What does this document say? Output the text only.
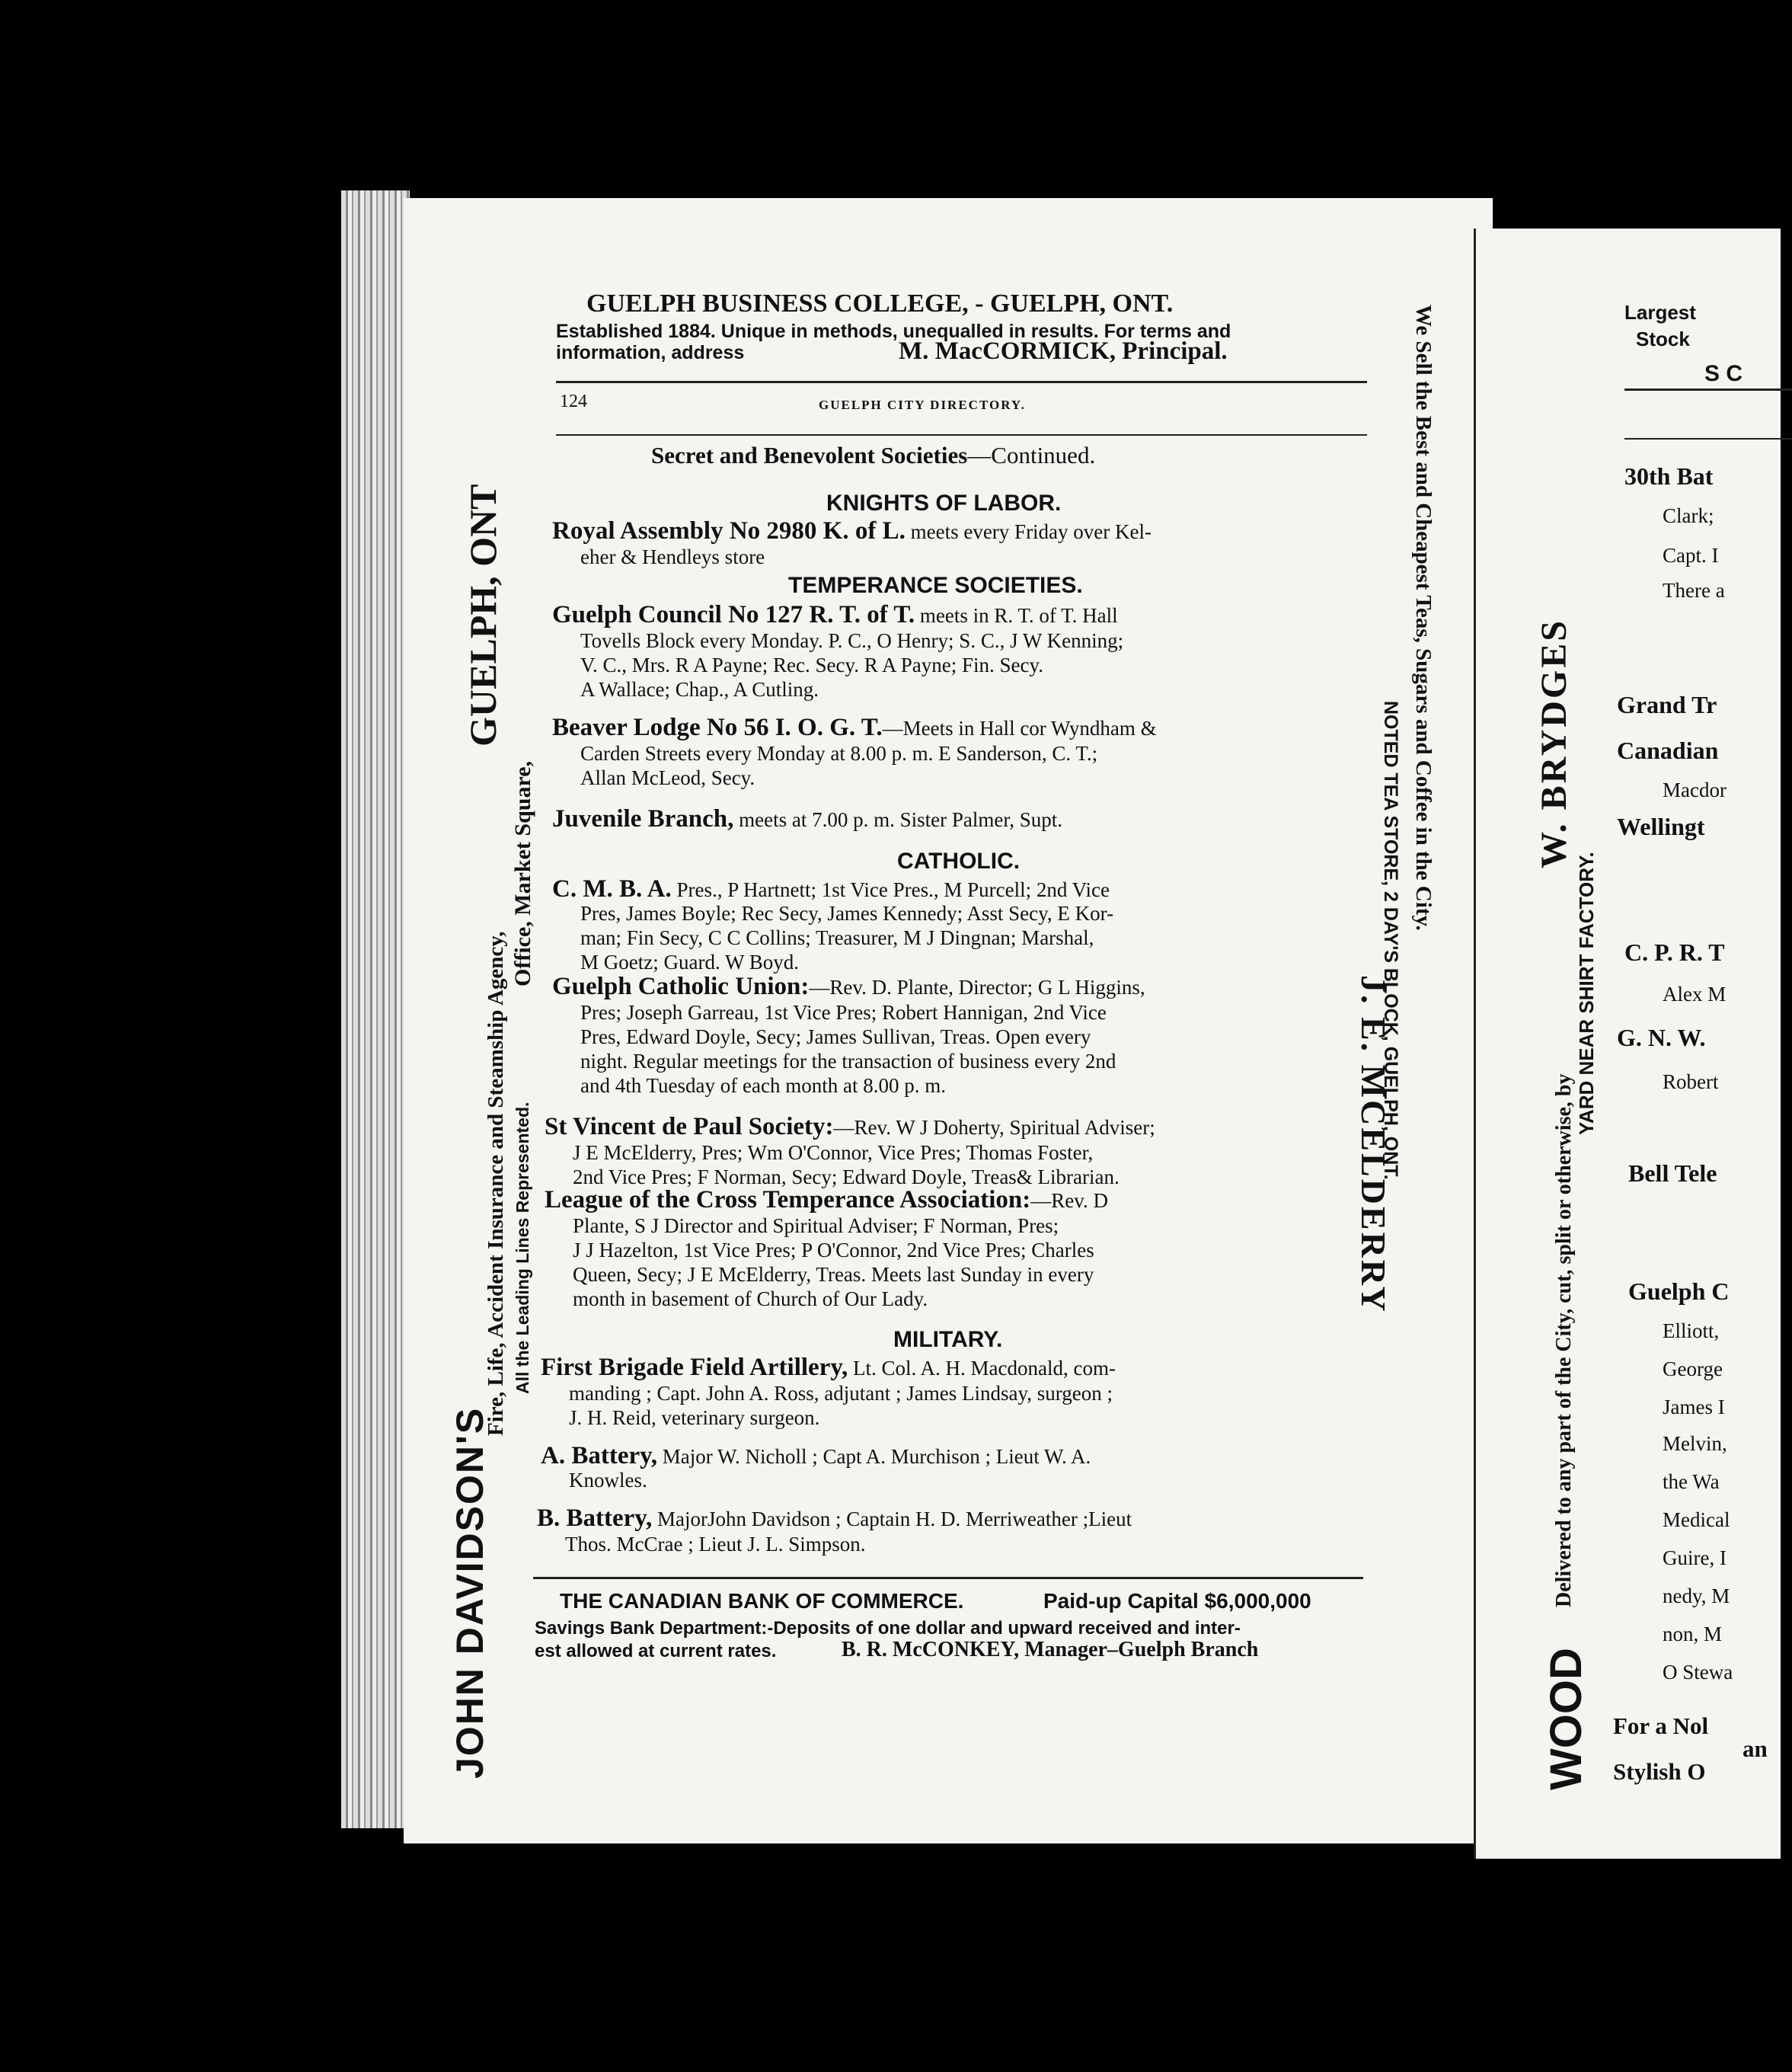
JOHN DAVIDSON'S
Fire, Life, Accident Insurance and Steamship Agency, All the Leading Lines Represented.
Office, Market Square,
GUELPH, ONT
GUELPH BUSINESS COLLEGE, - GUELPH, ONT.
Established 1884. Unique in methods, unequalled in results. For terms and
information, address	M. MacCORMICK, Principal.
124	GUELPH CITY DIRECTORY.
Secret and Benevolent Societies—Continued.
KNIGHTS OF LABOR.
Royal Assembly No 2980 K. of L. meets every Friday over Kel-
eher & Hendleys store
TEMPERANCE SOCIETIES.
Guelph Council No 127 R. T. of T. meets in R. T. of T. Hall
Tovells Block every Monday. P. C., O Henry; S. C., J W Kenning;
V. C., Mrs. R A Payne; Rec. Secy. R A Payne; Fin. Secy.
A Wallace; Chap., A Cutling.
Beaver Lodge No 56 I. O. G. T.—Meets in Hall cor Wyndham &
Carden Streets every Monday at 8.00 p. m. E Sanderson, C. T.;
Allan McLeod, Secy.
Juvenile Branch, meets at 7.00 p. m. Sister Palmer, Supt.
CATHOLIC.
C. M. B. A. Pres., P Hartnett; 1st Vice Pres., M Purcell; 2nd Vice
Pres, James Boyle; Rec Secy, James Kennedy; Asst Secy, E Kor-
man; Fin Secy, C C Collins; Treasurer, M J Dingnan; Marshal,
M Goetz; Guard. W Boyd.
Guelph Catholic Union:—Rev. D. Plante, Director; G L Higgins,
Pres; Joseph Garreau, 1st Vice Pres; Robert Hannigan, 2nd Vice
Pres, Edward Doyle, Secy; James Sullivan, Treas. Open every
night. Regular meetings for the transaction of business every 2nd
and 4th Tuesday of each month at 8.00 p. m.
St Vincent de Paul Society:—Rev. W J Doherty, Spiritual Adviser;
J E McElderry, Pres; Wm O'Connor, Vice Pres; Thomas Foster,
2nd Vice Pres; F Norman, Secy; Edward Doyle, Treas& Librarian.
League of the Cross Temperance Association:—Rev. D
Plante, S J Director and Spiritual Adviser; F Norman, Pres;
J J Hazelton, 1st Vice Pres; P O'Connor, 2nd Vice Pres; Charles
Queen, Secy; J E McElderry, Treas. Meets last Sunday in every
month in basement of Church of Our Lady.
MILITARY.
First Brigade Field Artillery, Lt. Col. A. H. Macdonald, com-
manding ; Capt. John A. Ross, adjutant ; James Lindsay, surgeon ;
J. H. Reid, veterinary surgeon.
A. Battery, Major W. Nicholl ; Capt A. Murchison ; Lieut W. A.
Knowles.
B. Battery, MajorJohn Davidson ; Captain H. D. Merriweather ;Lieut
Thos. McCrae ; Lieut J. L. Simpson.
THE CANADIAN BANK OF COMMERCE.	Paid-up Capital $6,000,000
Savings Bank Department:-Deposits of one dollar and upward received and inter-
est allowed at current rates.	B. R. McCONKEY, Manager–Guelph Branch
We Sell the Best and Cheapest Teas, Sugars and Coffee in the City.
J. E. MCELDERRY
NOTED TEA STORE, 2 DAY'S BLOCK, GUELPH, ONT.
Largest
Stock
S C
WOOD
Delivered to any part of the City, cut, split or otherwise, by
W. BRYDGES
YARD NEAR SHIRT FACTORY.
30th Bat
Clark;
Capt. I
There a
Grand Tr
Canadian
Macdor
Wellingt
C. P. R. T
Alex M
G. N. W.
Robert
Bell Tele
Guelph C
Elliott,
George
James I
Melvin,
the Wa
Medical
Guire, I
nedy, M
non, M
O Stewa
For a Nol
an
Stylish O
